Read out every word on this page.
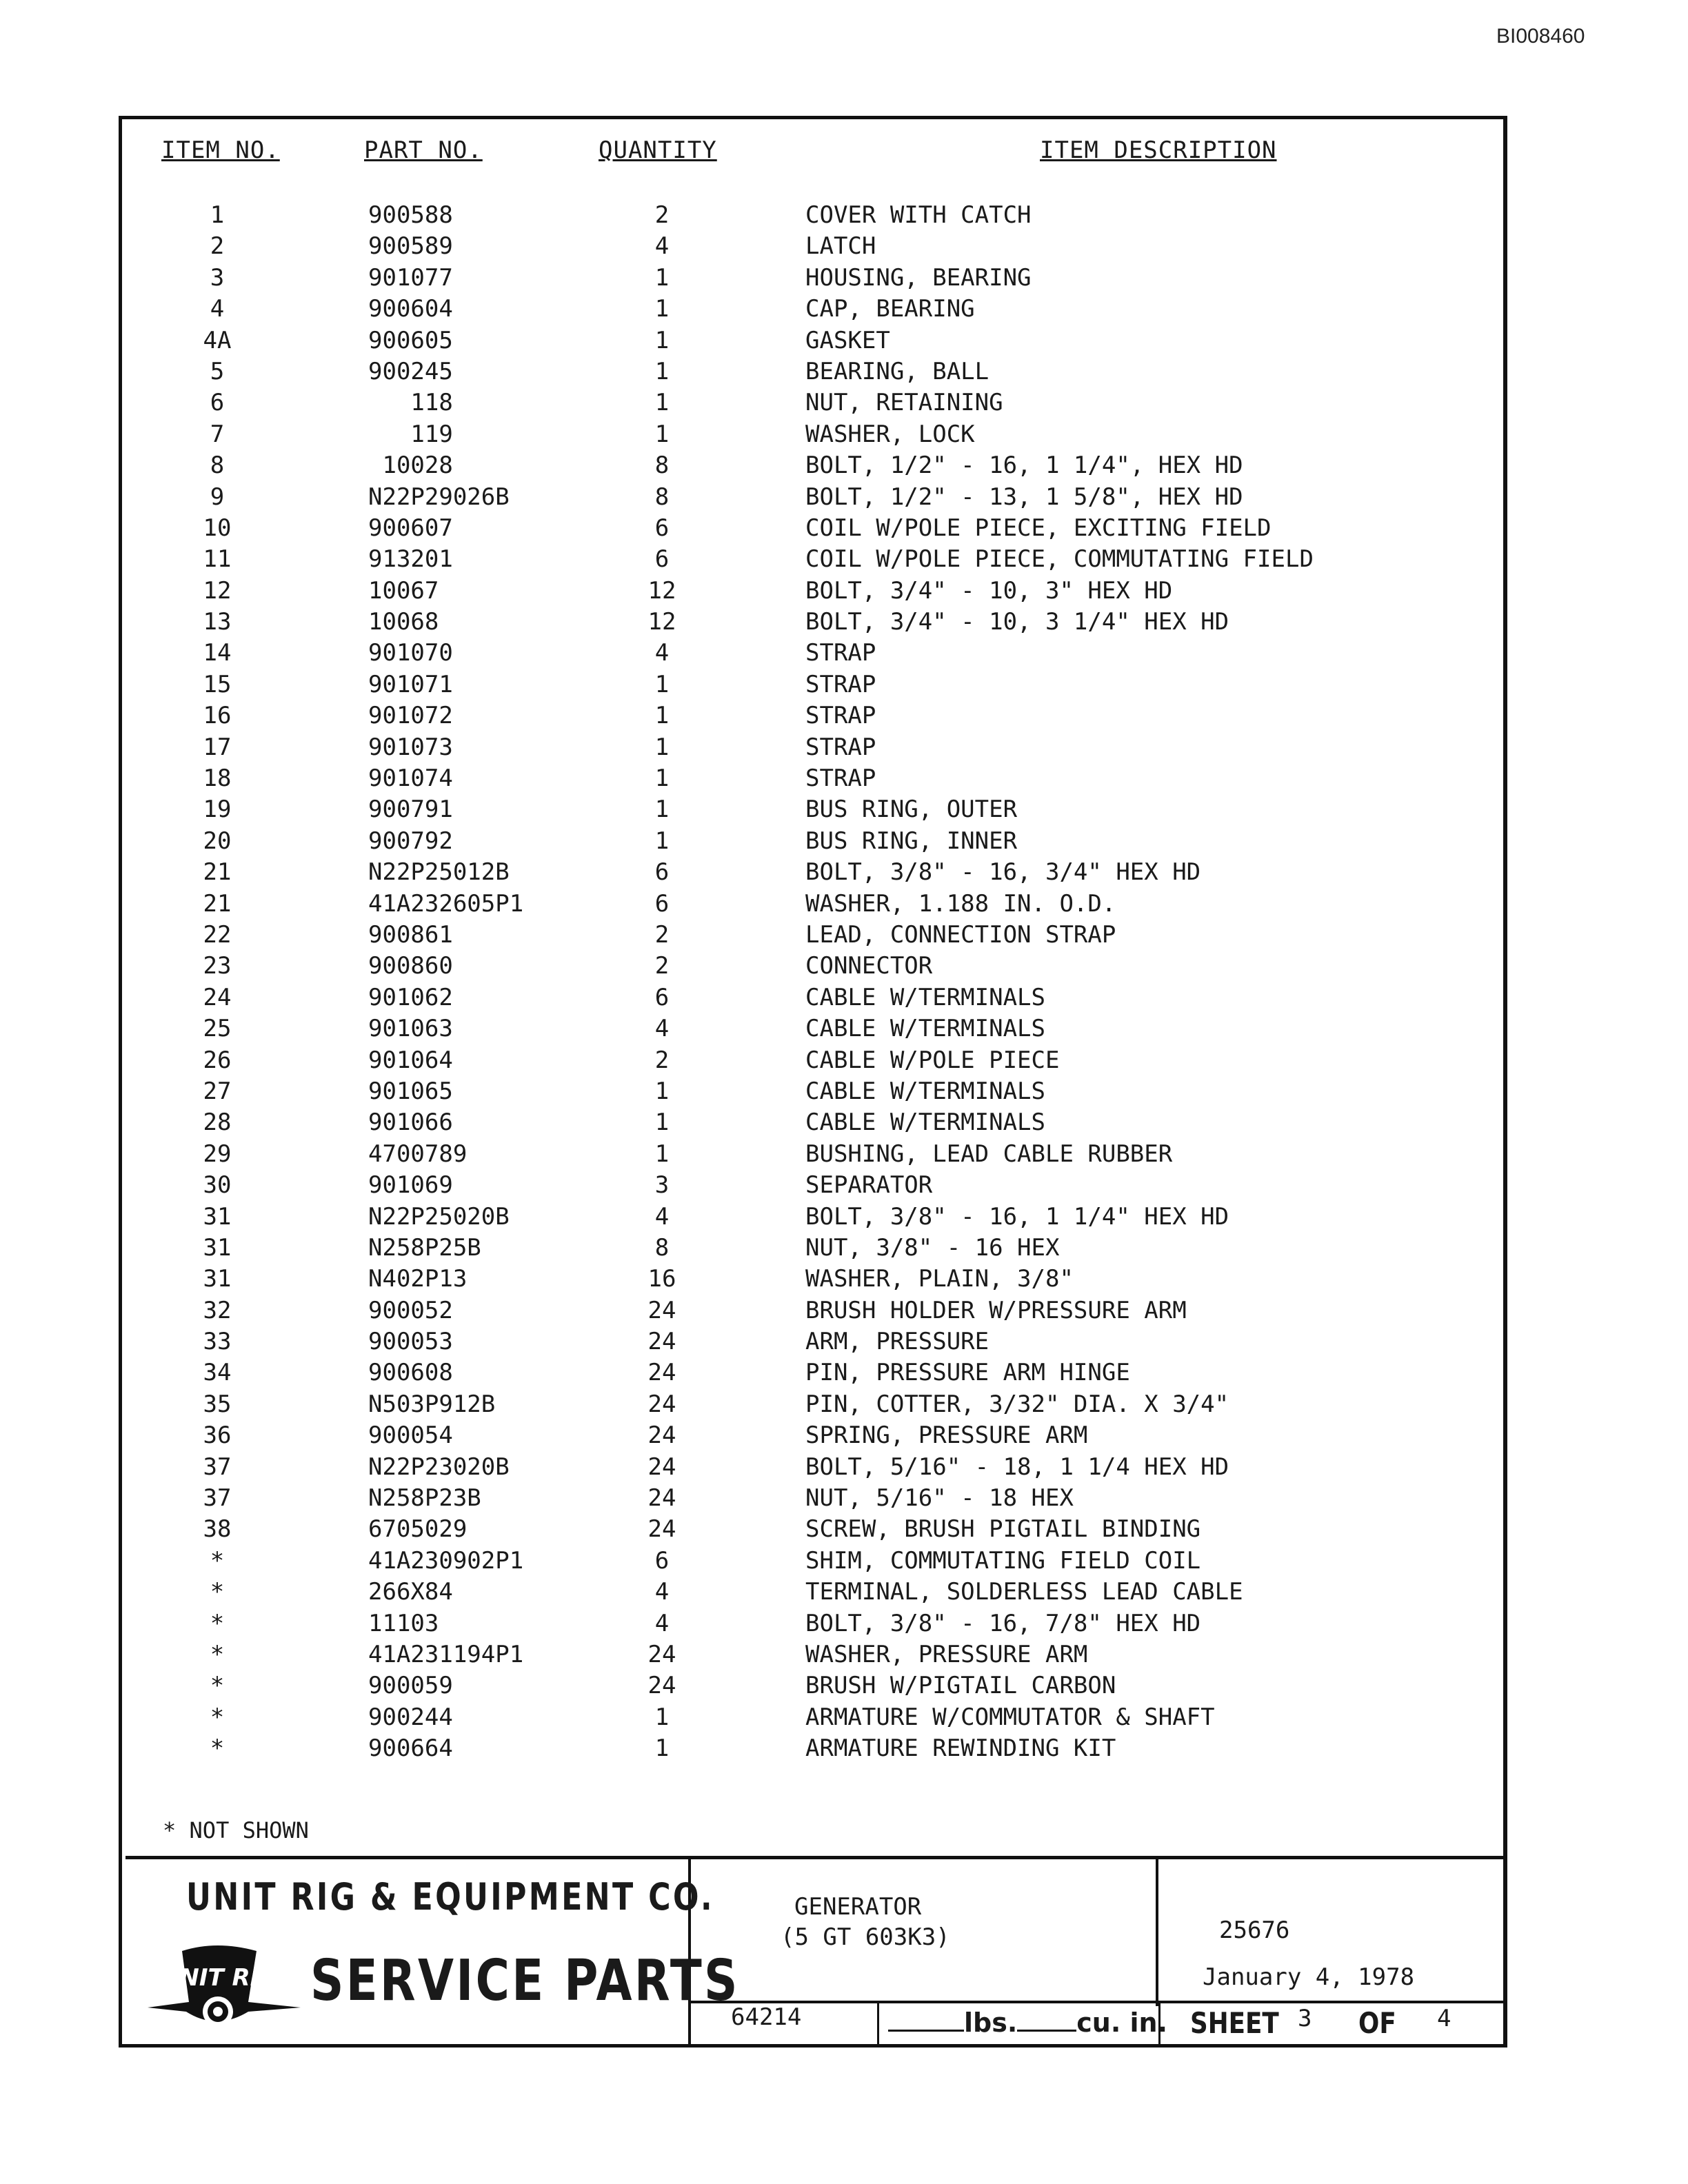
BI008460
ITEM NO.	PART NO.	QUANTITY	ITEM DESCRIPTION
1	900588	2	COVER WITH CATCH
2	900589	4	LATCH
3	901077	1	HOUSING, BEARING
4	900604	1	CAP, BEARING
4A	900605	1	GASKET
5	900245	1	BEARING, BALL
6	118	1	NUT, RETAINING
7	119	1	WASHER, LOCK
8	10028	8	BOLT, 1/2" - 16, 1 1/4", HEX HD
9	N22P29026B	8	BOLT, 1/2" - 13, 1 5/8", HEX HD
10	900607	6	COIL W/POLE PIECE, EXCITING FIELD
11	913201	6	COIL W/POLE PIECE, COMMUTATING FIELD
12	10067	12	BOLT, 3/4" - 10, 3" HEX HD
13	10068	12	BOLT, 3/4" - 10, 3 1/4" HEX HD
14	901070	4	STRAP
15	901071	1	STRAP
16	901072	1	STRAP
17	901073	1	STRAP
18	901074	1	STRAP
19	900791	1	BUS RING, OUTER
20	900792	1	BUS RING, INNER
21	N22P25012B	6	BOLT, 3/8" - 16, 3/4" HEX HD
21	41A232605P1	6	WASHER, 1.188 IN. O.D.
22	900861	2	LEAD, CONNECTION STRAP
23	900860	2	CONNECTOR
24	901062	6	CABLE W/TERMINALS
25	901063	4	CABLE W/TERMINALS
26	901064	2	CABLE W/POLE PIECE
27	901065	1	CABLE W/TERMINALS
28	901066	1	CABLE W/TERMINALS
29	4700789	1	BUSHING, LEAD CABLE RUBBER
30	901069	3	SEPARATOR
31	N22P25020B	4	BOLT, 3/8" - 16, 1 1/4" HEX HD
31	N258P25B	8	NUT, 3/8" - 16 HEX
31	N402P13	16	WASHER, PLAIN, 3/8"
32	900052	24	BRUSH HOLDER W/PRESSURE ARM
33	900053	24	ARM, PRESSURE
34	900608	24	PIN, PRESSURE ARM HINGE
35	N503P912B	24	PIN, COTTER, 3/32" DIA. X 3/4"
36	900054	24	SPRING, PRESSURE ARM
37	N22P23020B	24	BOLT, 5/16" - 18, 1 1/4 HEX HD
37	N258P23B	24	NUT, 5/16" - 18 HEX
38	6705029	24	SCREW, BRUSH PIGTAIL BINDING
*	41A230902P1	6	SHIM, COMMUTATING FIELD COIL
*	266X84	4	TERMINAL, SOLDERLESS LEAD CABLE
*	11103	4	BOLT, 3/8" - 16, 7/8" HEX HD
*	41A231194P1	24	WASHER, PRESSURE ARM
*	900059	24	BRUSH W/PIGTAIL CARBON
*	900244	1	ARMATURE W/COMMUTATOR & SHAFT
*	900664	1	ARMATURE REWINDING KIT
* NOT SHOWN
UNIT RIG & EQUIPMENT CO.
UNIT RIG SERVICE PARTS
GENERATOR
(5 GT 603K3)	25676
January 4, 1978
64214	lbs. cu. in. SHEET 3 OF 4
